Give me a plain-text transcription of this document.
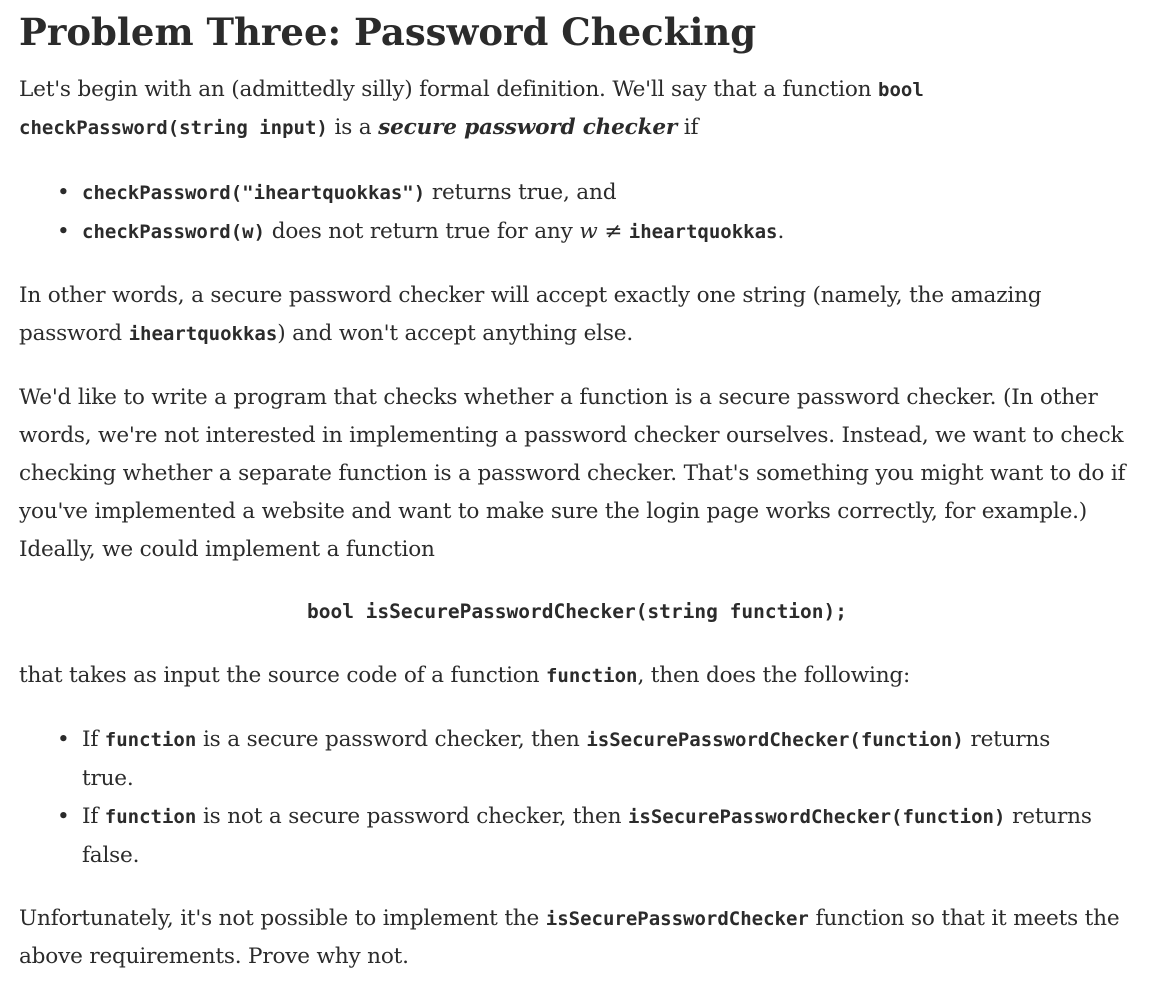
Problem Three: Password Checking

Let's begin with an (admittedly silly) formal definition. We'll say that a function bool checkPassword(string input) is a secure password checker if

• checkPassword("iheartquokkas") returns true, and
• checkPassword(w) does not return true for any w ≠ iheartquokkas.

In other words, a secure password checker will accept exactly one string (namely, the amazing password iheartquokkas) and won't accept anything else.

We'd like to write a program that checks whether a function is a secure password checker. (In other words, we're not interested in implementing a password checker ourselves. Instead, we want to check checking whether a separate function is a password checker. That's something you might want to do if you've implemented a website and want to make sure the login page works correctly, for example.) Ideally, we could implement a function

bool isSecurePasswordChecker(string function);

that takes as input the source code of a function function, then does the following:

• If function is a secure password checker, then isSecurePasswordChecker(function) returns true.
• If function is not a secure password checker, then isSecurePasswordChecker(function) returns false.

Unfortunately, it's not possible to implement the isSecurePasswordChecker function so that it meets the above requirements. Prove why not.
